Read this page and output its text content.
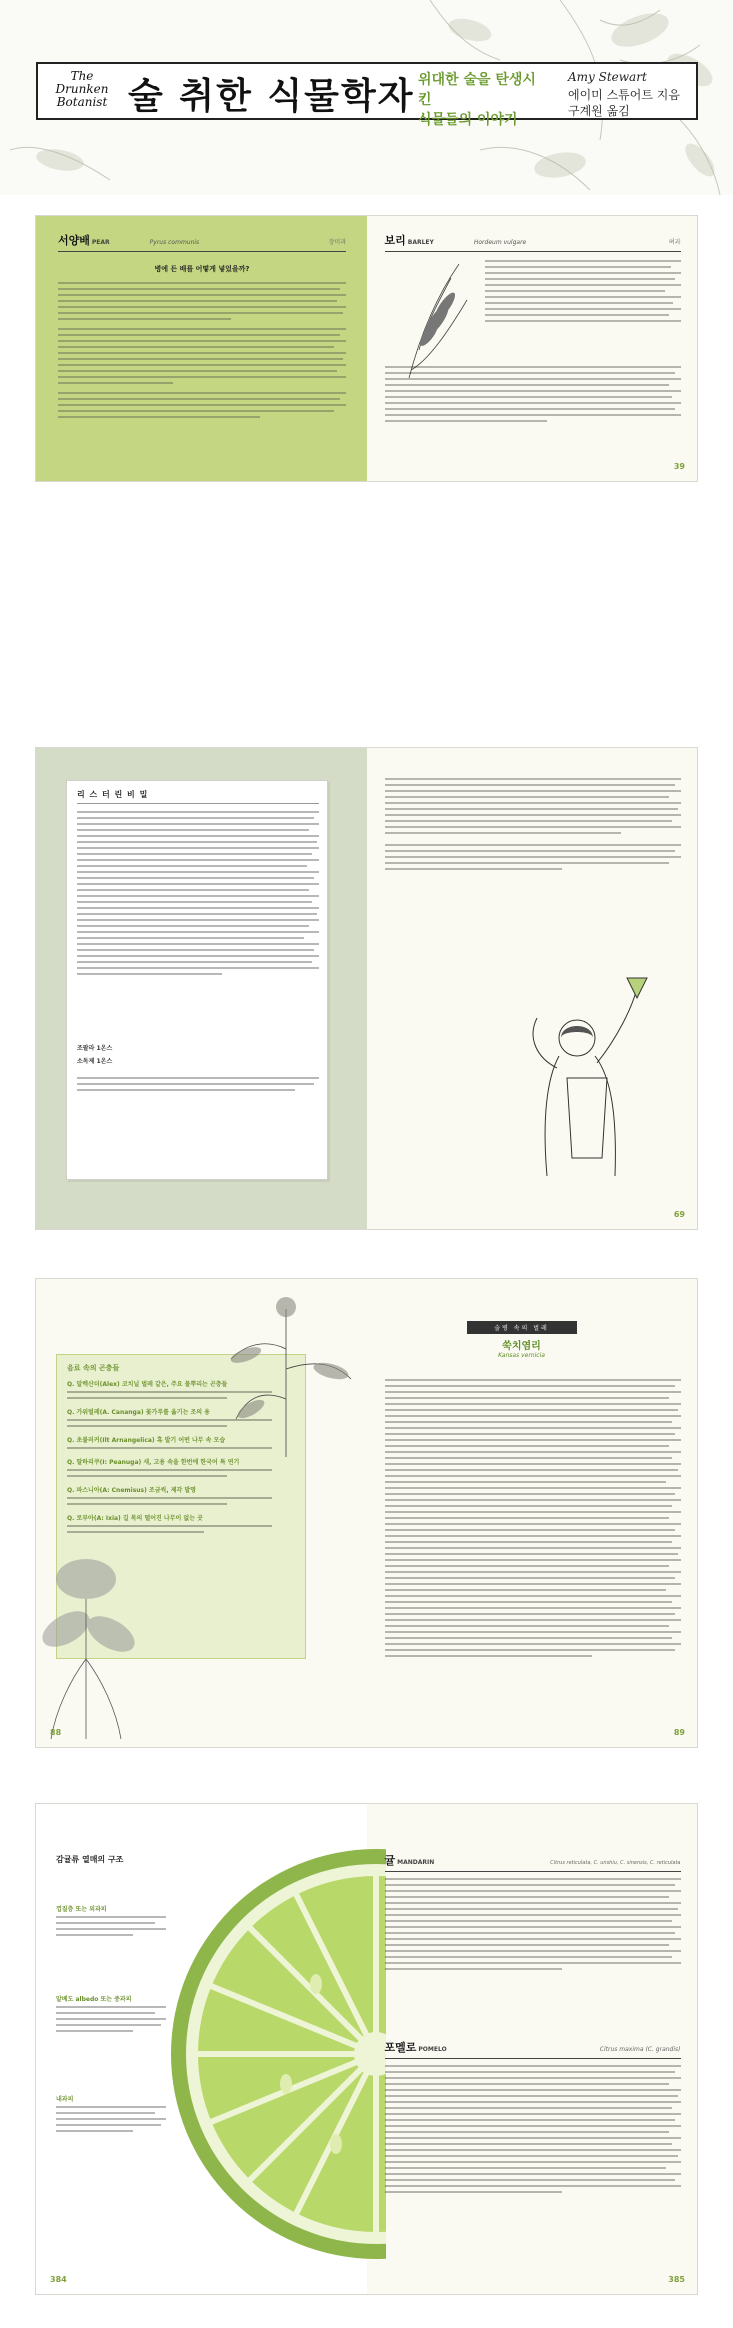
The
Drunken
Botanist 술 취한 식물학자 위대한 술을 탄생시킨
식물들의 이야기
Amy Stewart
에이미 스튜어트 지음
구계원 옮김
서양배 PEAR	Pyrus communis	장미과
병에 든 배를 어떻게 넣었을까?
보리 BARLEY	Hordeum vulgare	벼과
39
리 스 터 린 비 밀
조팔라 1온스
소독제 1온스
69
음료 속의 곤충들
Q. 알렉산더(Alex) 코치닐 벌레 같은, 주요 물뿌리는 곤충들
Q. 가위벌레(A. Cananga) 꽃가루를 옮기는 조의 용
Q. 초불러커(Ilt Arnangelica) 혹 발기 어떤 나무 속 모습
Q. 딸하리쿠(I: Peanuga) 새, 고용 속을 한번에 한국어 특 연기
Q. 파스니아(A: Cnemisus) 조금씩, 제각 발명
Q. 로부아(A: Ixia) 길 목의 떨어진 나무이 없는 곳
88
술병 속의 벌레
쑥치염리
Kansas vernicia
89
감귤류 열매의 구조
껍질층 또는 외과피
알베도 albedo 또는 중과피
내과피
384
귤 MANDARIN	Citrus reticulata, C. unshiu, C. sinensis, C. reticulata
포멜로 POMELO	Citrus maxima (C. grandis)
385
